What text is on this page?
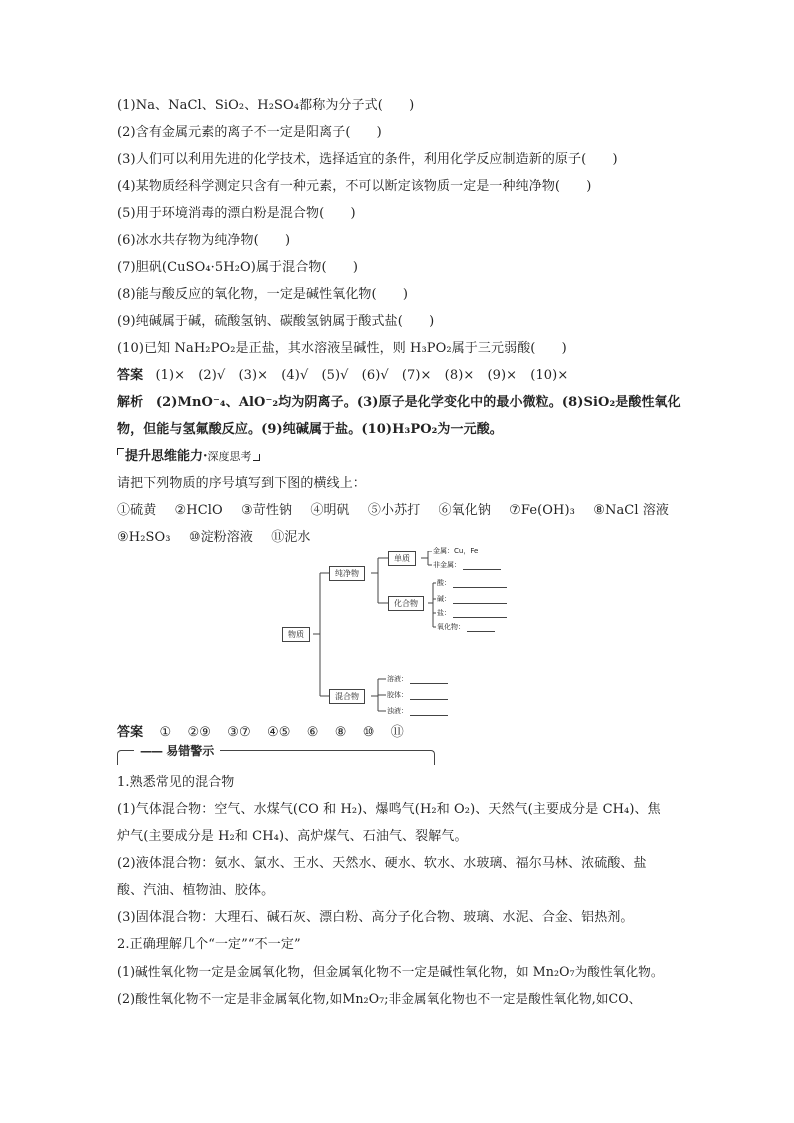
(1)Na、NaCl、SiO₂、H₂SO₄都称为分子式(　　)
(2)含有金属元素的离子不一定是阳离子(　　)
(3)人们可以利用先进的化学技术，选择适宜的条件，利用化学反应制造新的原子(　　)
(4)某物质经科学测定只含有一种元素，不可以断定该物质一定是一种纯净物(　　)
(5)用于环境消毒的漂白粉是混合物(　　)
(6)冰水共存物为纯净物(　　)
(7)胆矾(CuSO₄·5H₂O)属于混合物(　　)
(8)能与酸反应的氧化物，一定是碱性氧化物(　　)
(9)纯碱属于碱，硫酸氢钠、碳酸氢钠属于酸式盐(　　)
(10)已知 NaH₂PO₂是正盐，其水溶液呈碱性，则 H₃PO₂属于三元弱酸(　　)
答案 (1)×　(2)√　(3)×　(4)√　(5)√　(6)√　(7)×　(8)×　(9)×　(10)×
解析 (2)MnO⁻₄、AlO⁻₂均为阴离子。(3)原子是化学变化中的最小微粒。(8)SiO₂是酸性氧化
物，但能与氢氟酸反应。(9)纯碱属于盐。(10)H₃PO₂为一元酸。
提升思维能力·深度思考
请把下列物质的序号填写到下图的横线上：
①硫黄 ②HClO ③苛性钠 ④明矾 ⑤小苏打 ⑥氧化钠 ⑦Fe(OH)₃ ⑧NaCl 溶液
⑨H₂SO₃ ⑩淀粉溶液 ⑪泥水
物质
纯净物
混合物
单质
化合物
金属：Cu，Fe
非金属：
酸：
碱：
盐：
氧化物：
溶液：
胶体：
浊液：
答案 ① ②⑨ ③⑦ ④⑤ ⑥ ⑧ ⑩ ⑪
—— 易错警示
1.熟悉常见的混合物
(1)气体混合物：空气、水煤气(CO 和 H₂)、爆鸣气(H₂和 O₂)、天然气(主要成分是 CH₄)、焦
炉气(主要成分是 H₂和 CH₄)、高炉煤气、石油气、裂解气。
(2)液体混合物：氨水、氯水、王水、天然水、硬水、软水、水玻璃、福尔马林、浓硫酸、盐
酸、汽油、植物油、胶体。
(3)固体混合物：大理石、碱石灰、漂白粉、高分子化合物、玻璃、水泥、合金、铝热剂。
2.正确理解几个“一定”“不一定”
(1)碱性氧化物一定是金属氧化物，但金属氧化物不一定是碱性氧化物，如 Mn₂O₇为酸性氧化物。
(2)酸性氧化物不一定是非金属氧化物,如Mn₂O₇;非金属氧化物也不一定是酸性氧化物,如CO、
